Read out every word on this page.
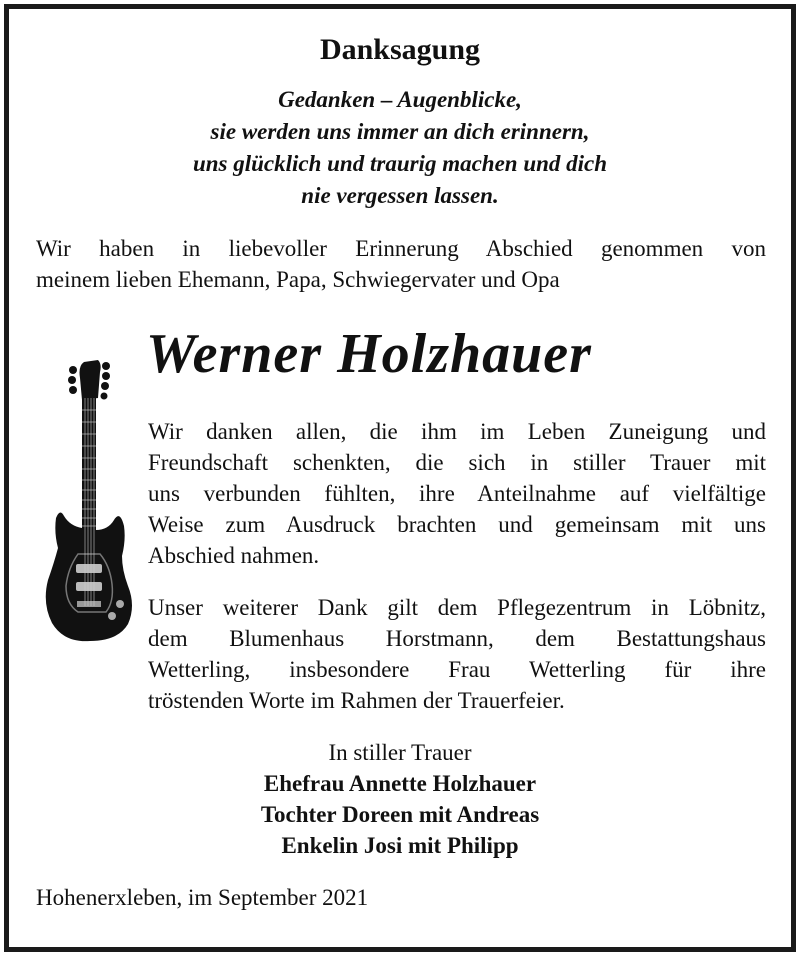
Danksagung
Gedanken – Augenblicke,
sie werden uns immer an dich erinnern,
uns glücklich und traurig machen und dich
nie vergessen lassen.
Wir haben in liebevoller Erinnerung Abschied genommen von
meinem lieben Ehemann, Papa, Schwiegervater und Opa
Werner Holzhauer
Wir danken allen, die ihm im Leben Zuneigung und
Freundschaft schenkten, die sich in stiller Trauer mit
uns verbunden fühlten, ihre Anteilnahme auf vielfältige
Weise zum Ausdruck brachten und gemeinsam mit uns
Abschied nahmen.
Unser weiterer Dank gilt dem Pflegezentrum in Löbnitz,
dem Blumenhaus Horstmann, dem Bestattungshaus
Wetterling, insbesondere Frau Wetterling für ihre
tröstenden Worte im Rahmen der Trauerfeier.
In stiller Trauer
Ehefrau Annette Holzhauer
Tochter Doreen mit Andreas
Enkelin Josi mit Philipp
Hohenerxleben, im September 2021
